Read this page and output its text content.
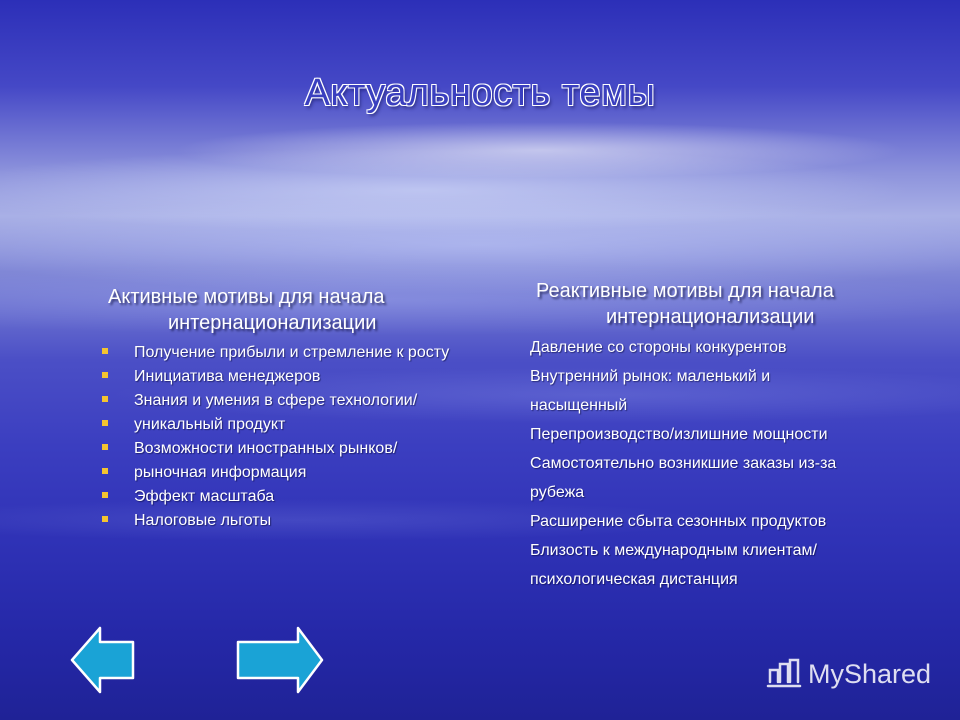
Актуальность темы
Активные мотивы для начала
интернационализации
Получение прибыли и стремление к росту
Инициатива менеджеров
Знания и умения в сфере технологии/
уникальный продукт
Возможности иностранных рынков/
рыночная информация
Эффект масштаба
Налоговые льготы
Реактивные мотивы для начала
интернационализации
Давление со стороны конкурентов
Внутренний рынок: маленький и
насыщенный
Перепроизводство/излишние мощности
Самостоятельно возникшие заказы из-за
рубежа
Расширение сбыта сезонных продуктов
Близость к международным клиентам/
психологическая дистанция
MyShared
